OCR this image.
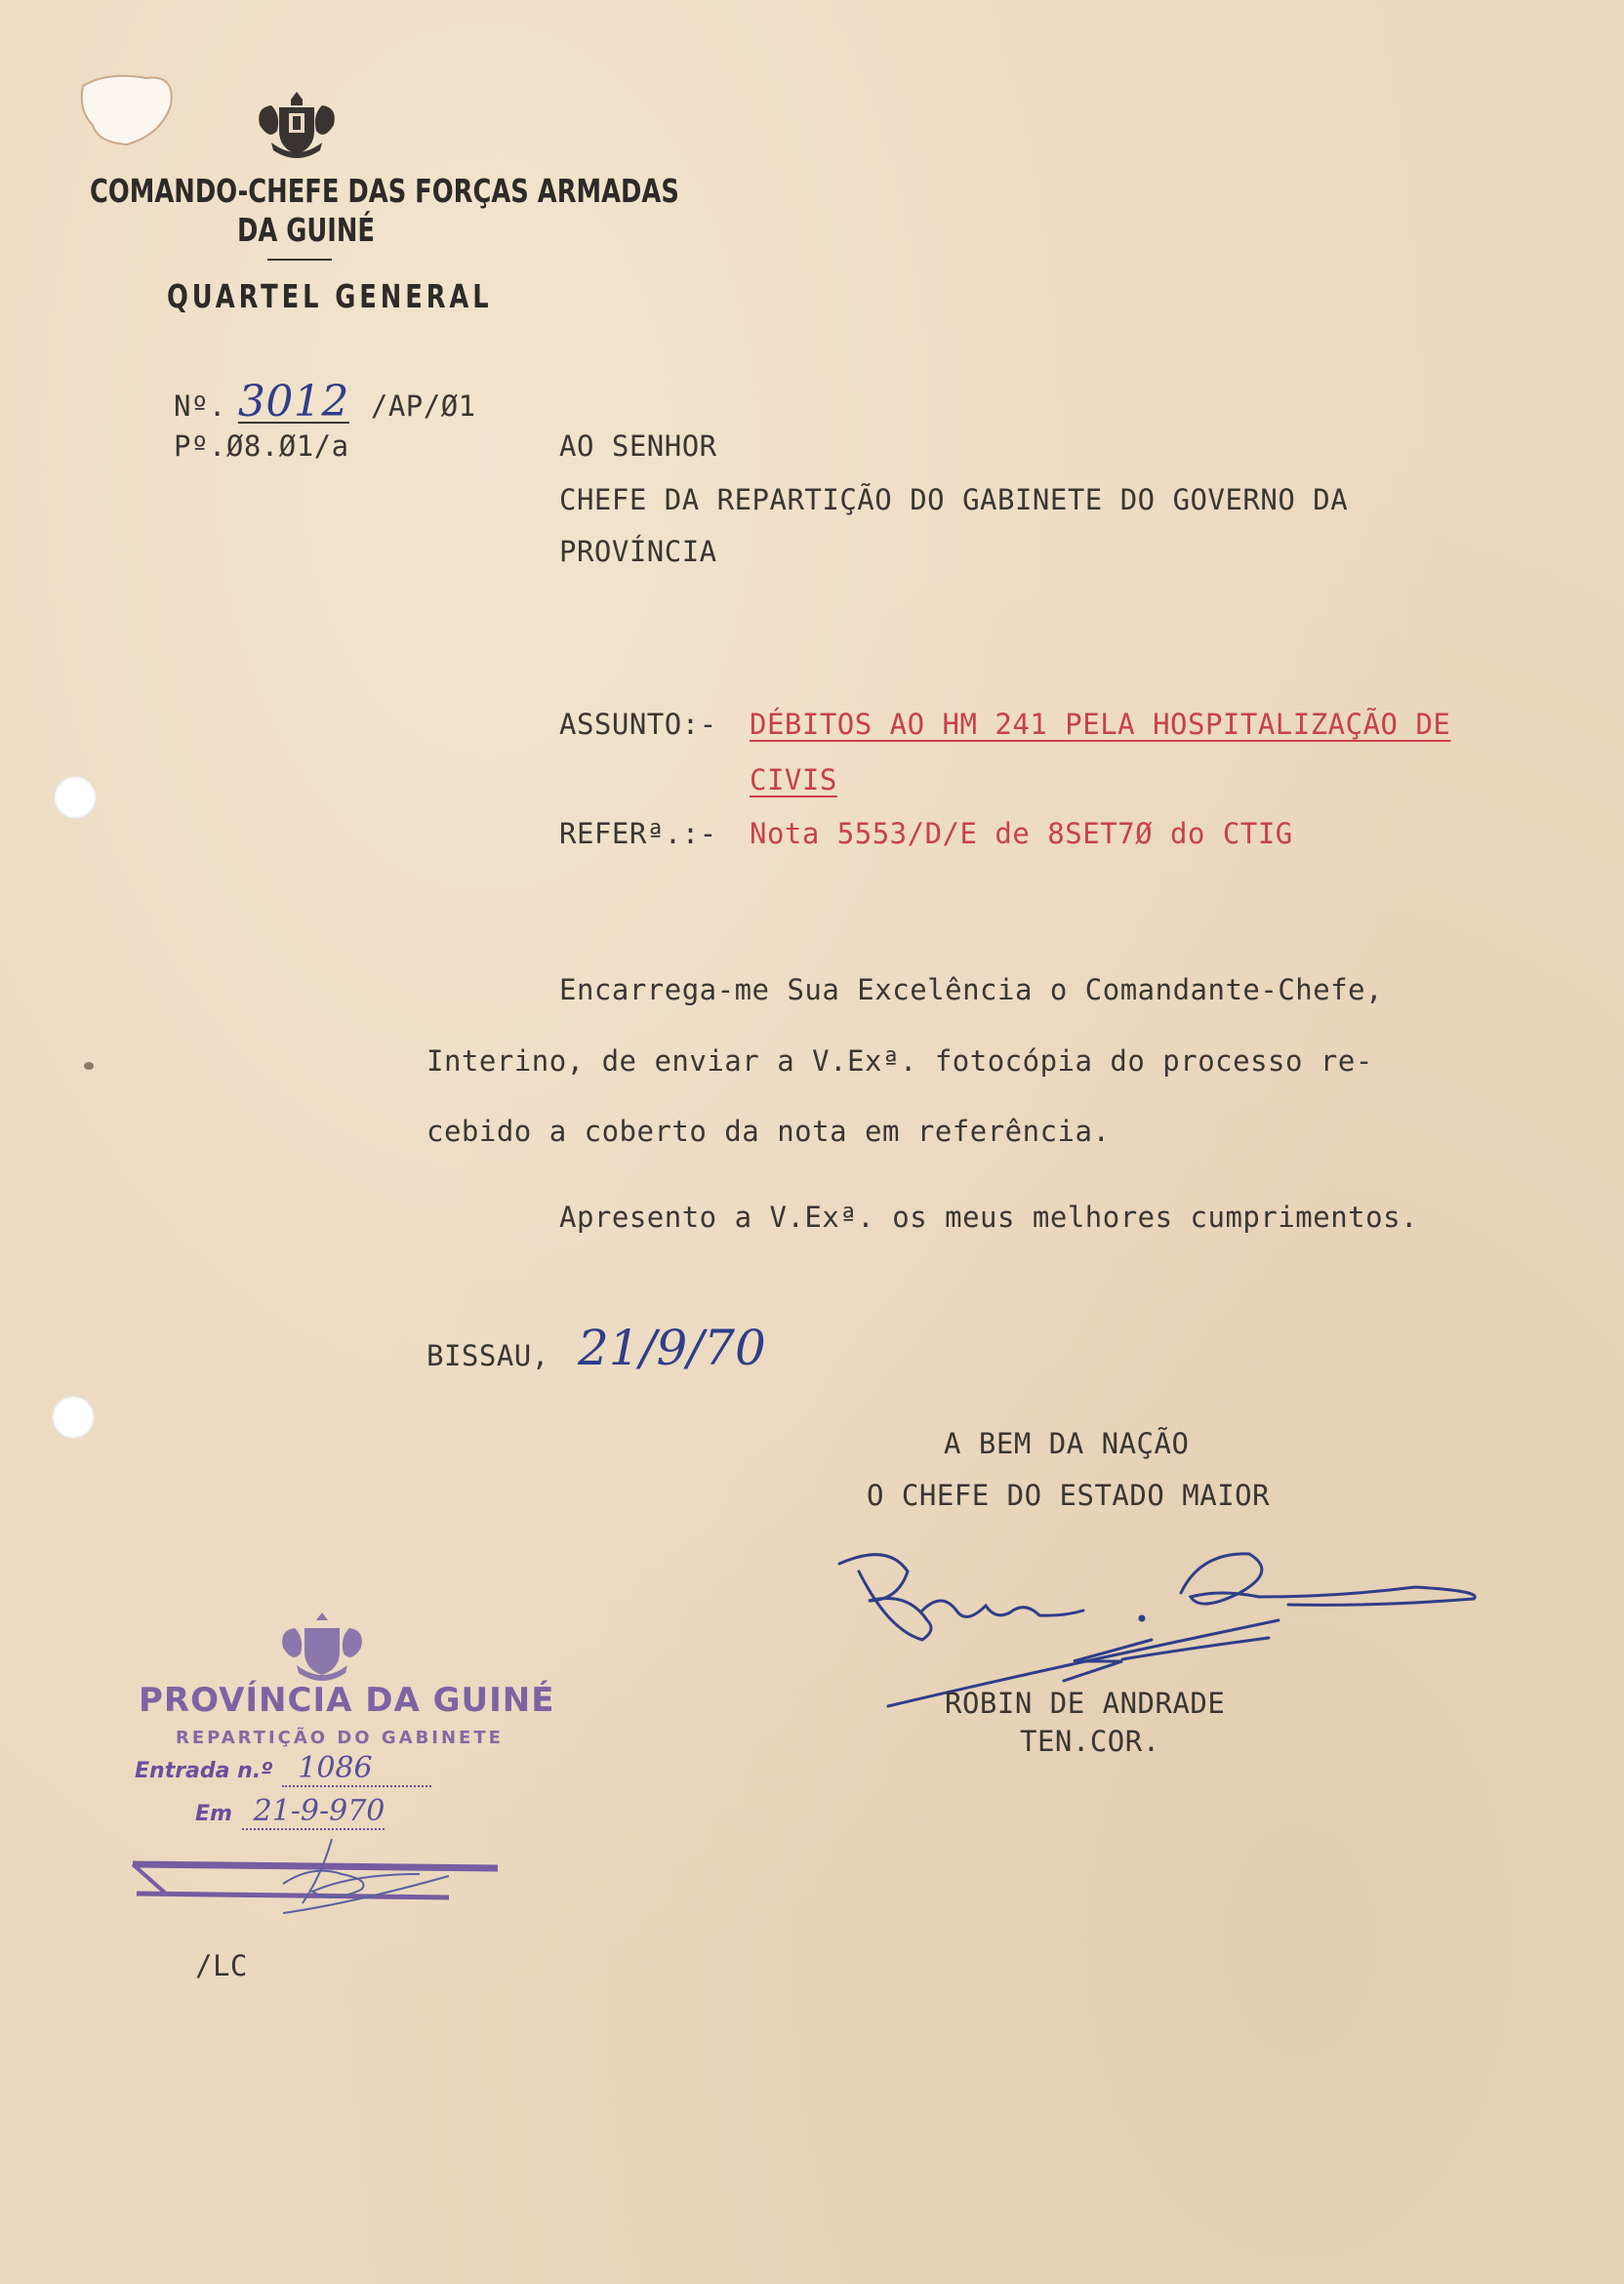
COMANDO-CHEFE DAS FORÇAS ARMADAS
DA GUINÉ
QUARTEL GENERAL
Nº. 3012 /AP/Ø1
Pº.Ø8.Ø1/a	AO SENHOR
CHEFE DA REPARTIÇÃO DO GABINETE DO GOVERNO DA
PROVÍNCIA
ASSUNTO:- DÉBITOS AO HM 241 PELA HOSPITALIZAÇÃO DE
CIVIS
REFERª.:- Nota 5553/D/E de 8SET7Ø do CTIG
Encarrega-me Sua Excelência o Comandante-Chefe,
Interino, de enviar a V.Exª. fotocópia do processo re-
cebido a coberto da nota em referência.
Apresento a V.Exª. os meus melhores cumprimentos.
BISSAU, 21/9/70
A BEM DA NAÇÃO
O CHEFE DO ESTADO MAIOR
ROBIN DE ANDRADE
TEN.COR.
PROVÍNCIA DA GUINÉ
REPARTIÇÃO DO GABINETE
Entrada n.º 1086
Em 21-9-970
/LC
